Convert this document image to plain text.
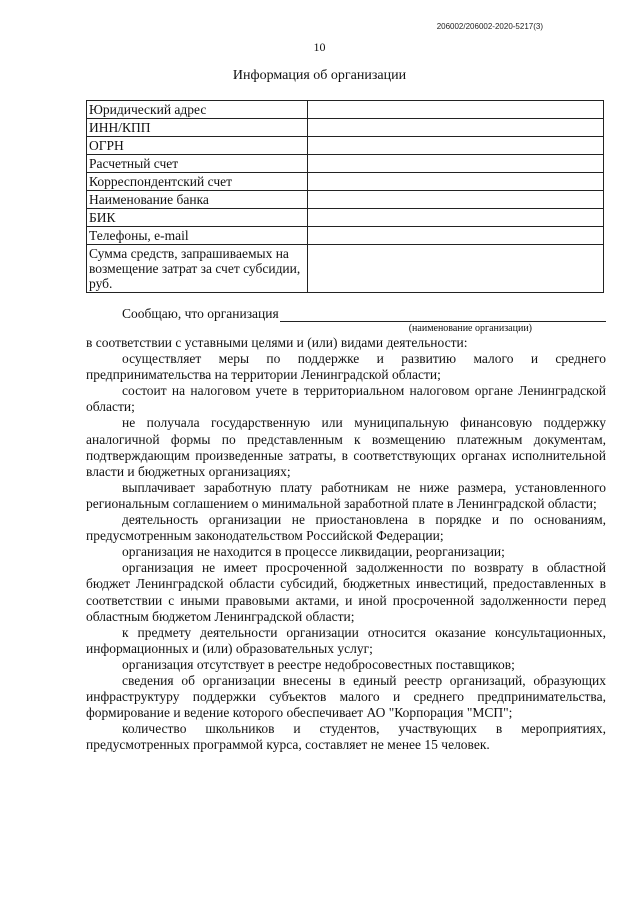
206002/206002-2020-5217(3)
10
Информация об организации
Юридический адрес	
ИНН/КПП	
ОГРН	
Расчетный счет	
Корреспондентский счет	
Наименование банка	
БИК	
Телефоны, e-mail	
Сумма средств, запрашиваемых на возмещение затрат за счет субсидии, руб.	
Сообщаю, что организация
(наименование организации)

в соответствии с уставными целями и (или) видами деятельности:

осуществляет меры по поддержке и развитию малого и среднего предпринимательства на территории Ленинградской области;

состоит на налоговом учете в территориальном налоговом органе Ленинградской области;

не получала государственную или муниципальную финансовую поддержку аналогичной формы по представленным к возмещению платежным документам, подтверждающим произведенные затраты, в соответствующих органах исполнительной власти и бюджетных организациях;

выплачивает заработную плату работникам не ниже размера, установленного региональным соглашением о минимальной заработной плате в Ленинградской области;

деятельность организации не приостановлена в порядке и по основаниям, предусмотренным законодательством Российской Федерации;

организация не находится в процессе ликвидации, реорганизации;

организация не имеет просроченной задолженности по возврату в областной бюджет Ленинградской области субсидий, бюджетных инвестиций, предоставленных в соответствии с иными правовыми актами, и иной просроченной задолженности перед областным бюджетом Ленинградской области;

к предмету деятельности организации относится оказание консультационных, информационных и (или) образовательных услуг;

организация отсутствует в реестре недобросовестных поставщиков;

сведения об организации внесены в единый реестр организаций, образующих инфраструктуру поддержки субъектов малого и среднего предпринимательства, формирование и ведение которого обеспечивает АО "Корпорация "МСП";

количество школьников и студентов, участвующих в мероприятиях, предусмотренных программой курса, составляет не менее 15 человек.
